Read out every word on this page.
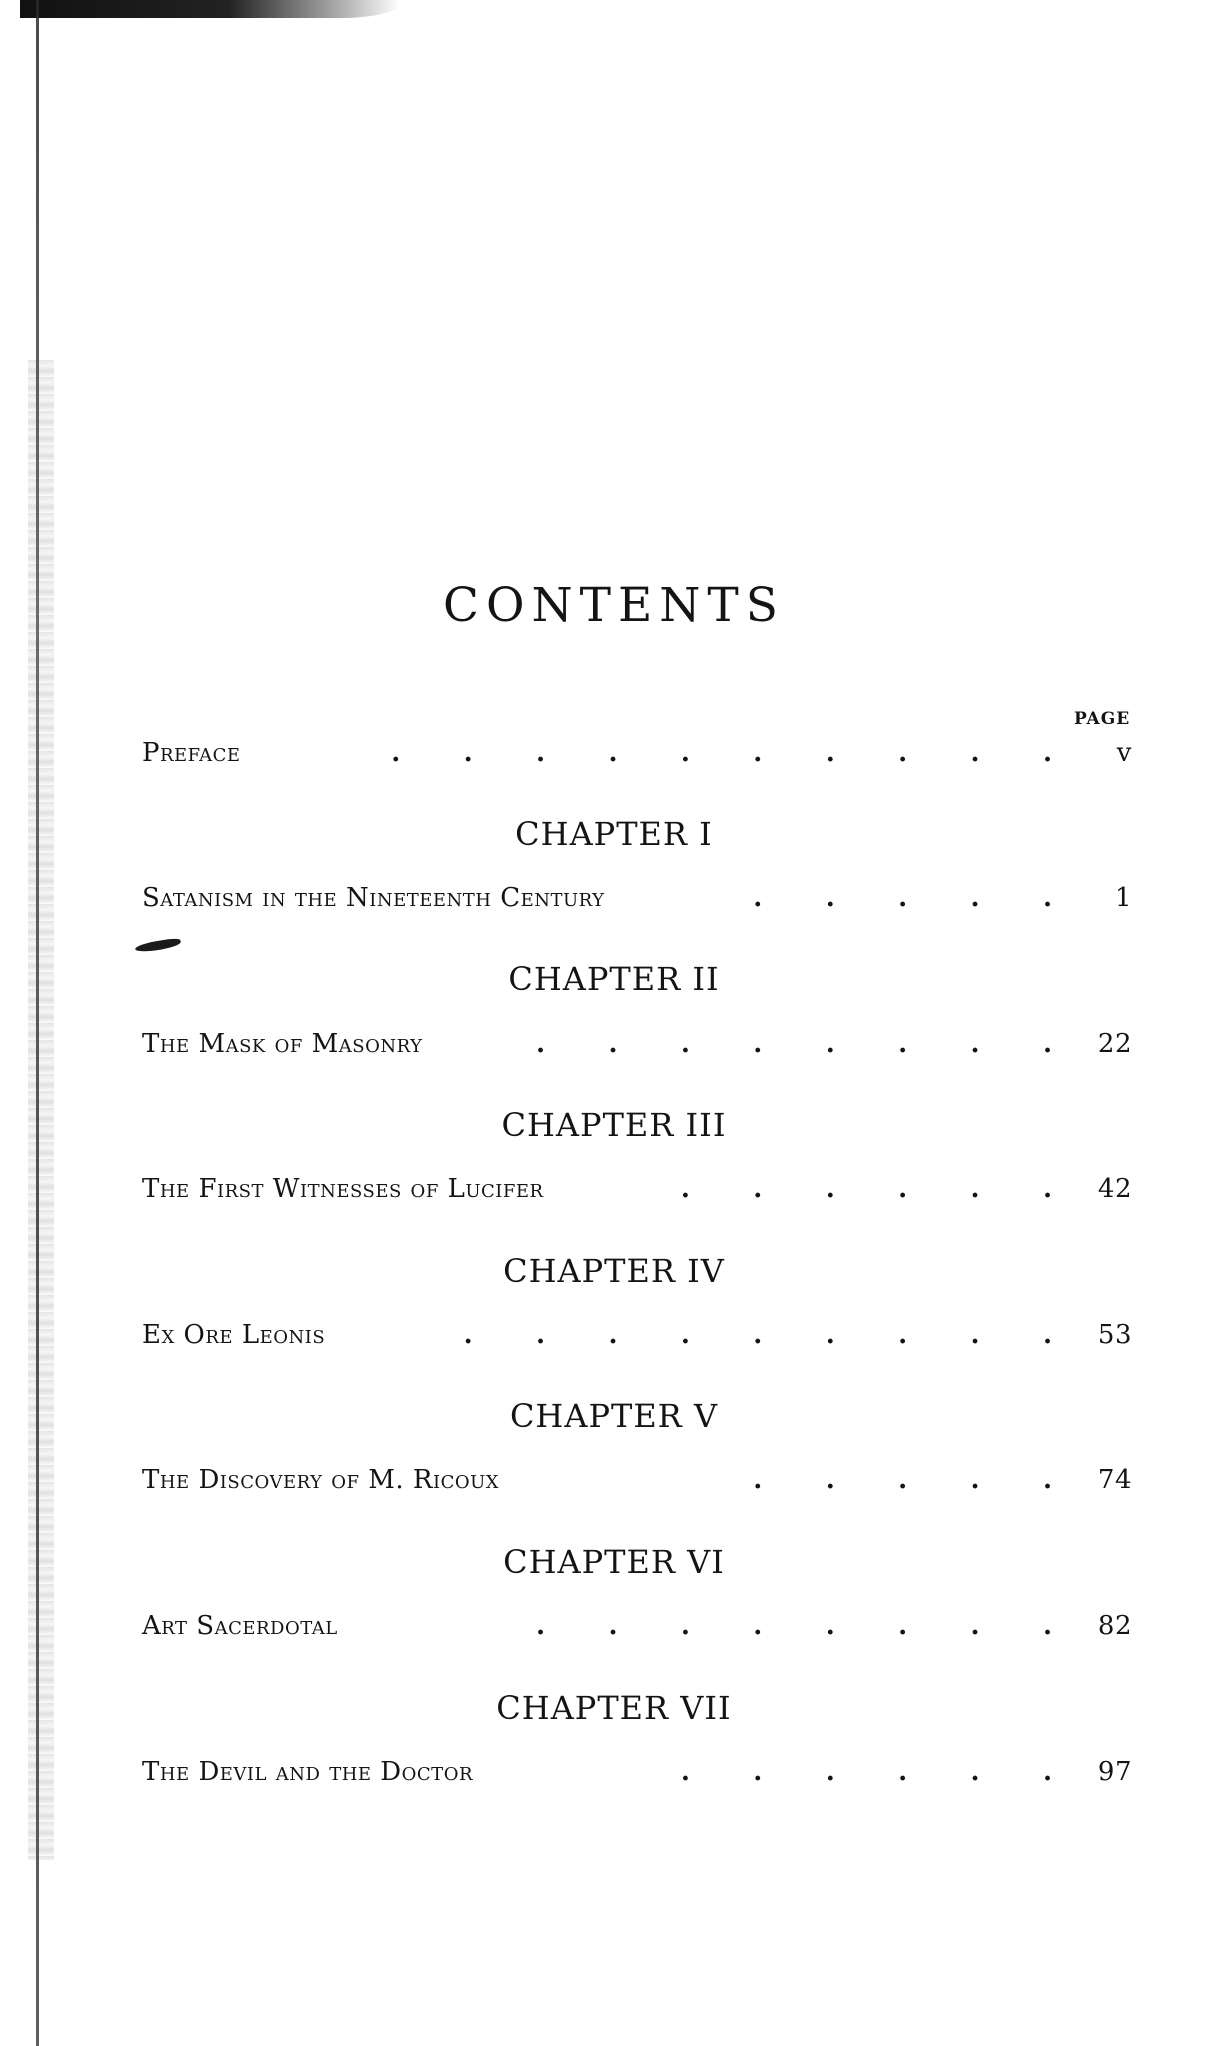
CONTENTS
PAGE
Preface	.       .       .       .       .       .       .       .       .       . v
CHAPTER I
Satanism in the Nineteenth Century	.       .       .       .       . 1
CHAPTER II
The Mask of Masonry	.       .       .       .       .       .       .       . 22
CHAPTER III
The First Witnesses of Lucifer	.       .       .       .       .       . 42
CHAPTER IV
Ex Ore Leonis	.       .       .       .       .       .       .       .       . 53
CHAPTER V
The Discovery of M. Ricoux	.       .       .       .       . 74
CHAPTER VI
Art Sacerdotal	.       .       .       .       .       .       .       . 82
CHAPTER VII
The Devil and the Doctor	.       .       .       .       .       . 97
